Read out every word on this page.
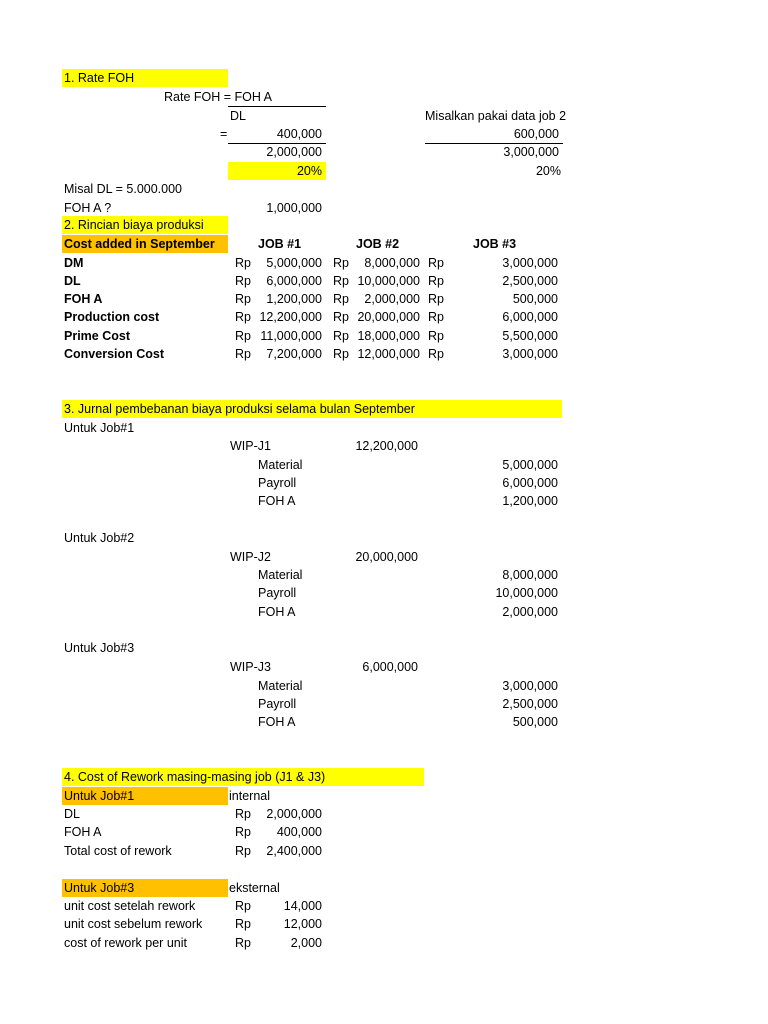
1. Rate FOH
Rate FOH = FOH A
DL
=	400,000
2,000,000
20%
Misalkan pakai data job 2
600,000
3,000,000
20%
Misal DL = 5.000.000
FOH A ?	1,000,000
2. Rincian biaya produksi
Cost added in September	JOB #1	JOB #2	JOB #3
DM	Rp	5,000,000 Rp	8,000,000 Rp	3,000,000
DL	Rp	6,000,000 Rp 10,000,000 Rp	2,500,000
FOH A	Rp	1,200,000 Rp	2,000,000 Rp	500,000
Production cost	Rp 12,200,000 Rp 20,000,000 Rp	6,000,000
Prime Cost	Rp 11,000,000 Rp 18,000,000 Rp	5,500,000
Conversion Cost	Rp	7,200,000 Rp 12,000,000 Rp	3,000,000
3. Jurnal pembebanan biaya produksi selama bulan September
Untuk Job#1
WIP-J1	12,200,000
Material	5,000,000
Payroll	6,000,000
FOH A	1,200,000
Untuk Job#2
WIP-J2	20,000,000
Material	8,000,000
Payroll	10,000,000
FOH A	2,000,000
Untuk Job#3
WIP-J3	6,000,000
Material	3,000,000
Payroll	2,500,000
FOH A	500,000
4. Cost of Rework masing-masing job (J1 & J3)
Untuk Job#1	internal
DL	Rp	2,000,000
FOH A	Rp	400,000
Total cost of rework	Rp	2,400,000
Untuk Job#3	eksternal
unit cost setelah rework	Rp	14,000
unit cost sebelum rework	Rp	12,000
cost of rework per unit	Rp	2,000
